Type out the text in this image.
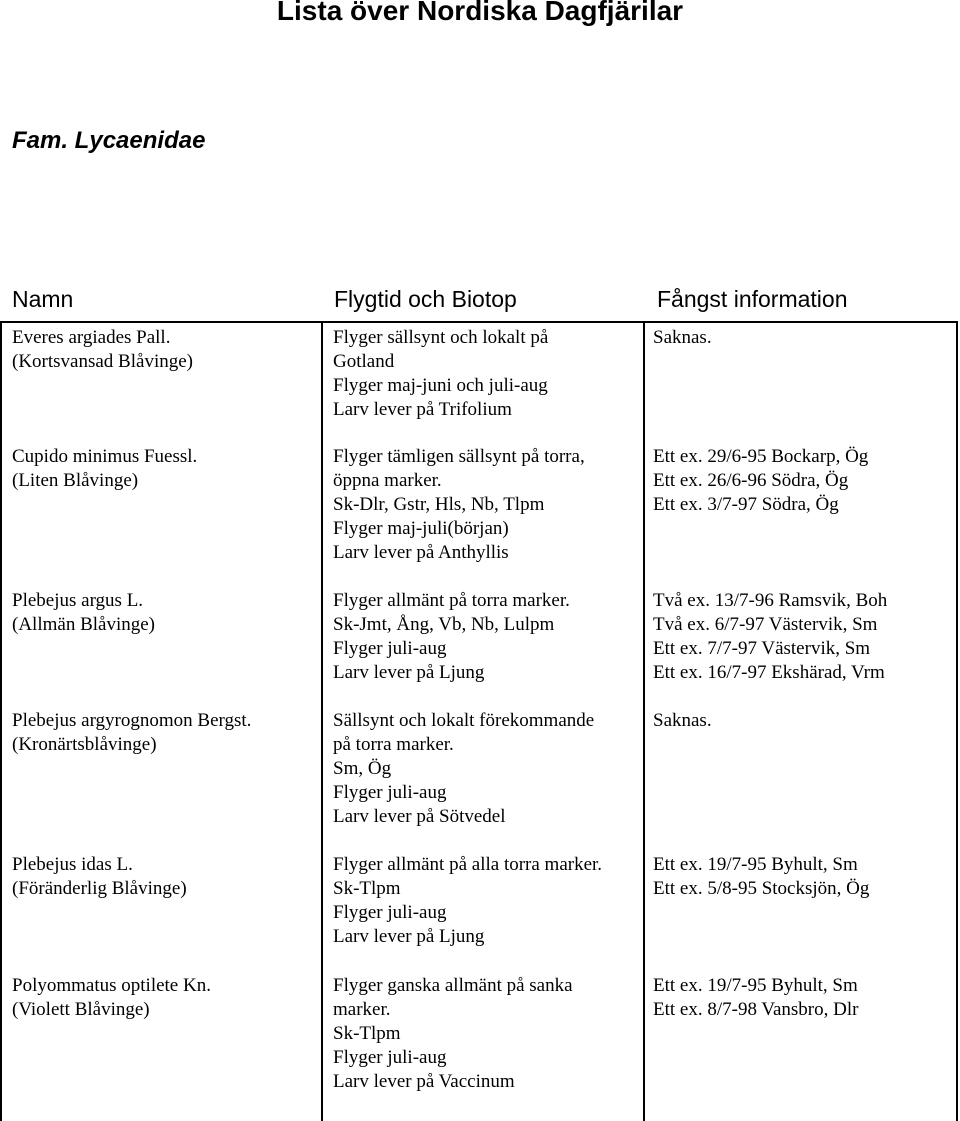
Lista över Nordiska Dagfjärilar
Fam. Lycaenidae
Namn	Flygtid och Biotop	Fångst information
Everes argiades Pall.
(Kortsvansad Blåvinge)
Flyger sällsynt och lokalt på
Gotland
Flyger maj-juni och juli-aug
Larv lever på Trifolium
Saknas.
Cupido minimus Fuessl.
(Liten Blåvinge)
Flyger tämligen sällsynt på torra,
öppna marker.
Sk-Dlr, Gstr, Hls, Nb, Tlpm
Flyger maj-juli(början)
Larv lever på Anthyllis
Ett ex. 29/6-95 Bockarp, Ög
Ett ex. 26/6-96 Södra, Ög
Ett ex. 3/7-97 Södra, Ög
Plebejus argus L.
(Allmän Blåvinge)
Flyger allmänt på torra marker.
Sk-Jmt, Ång, Vb, Nb, Lulpm
Flyger juli-aug
Larv lever på Ljung
Två ex. 13/7-96 Ramsvik, Boh
Två ex. 6/7-97 Västervik, Sm
Ett ex. 7/7-97 Västervik, Sm
Ett ex. 16/7-97 Ekshärad, Vrm
Plebejus argyrognomon Bergst.
(Kronärtsblåvinge)
Sällsynt och lokalt förekommande
på torra marker.
Sm, Ög
Flyger juli-aug
Larv lever på Sötvedel
Saknas.
Plebejus idas L.
(Föränderlig Blåvinge)
Flyger allmänt på alla torra marker.
Sk-Tlpm
Flyger juli-aug
Larv lever på Ljung
Ett ex. 19/7-95 Byhult, Sm
Ett ex. 5/8-95 Stocksjön, Ög
Polyommatus optilete Kn.
(Violett Blåvinge)
Flyger ganska allmänt på sanka
marker.
Sk-Tlpm
Flyger juli-aug
Larv lever på Vaccinum
Ett ex. 19/7-95 Byhult, Sm
Ett ex. 8/7-98 Vansbro, Dlr
